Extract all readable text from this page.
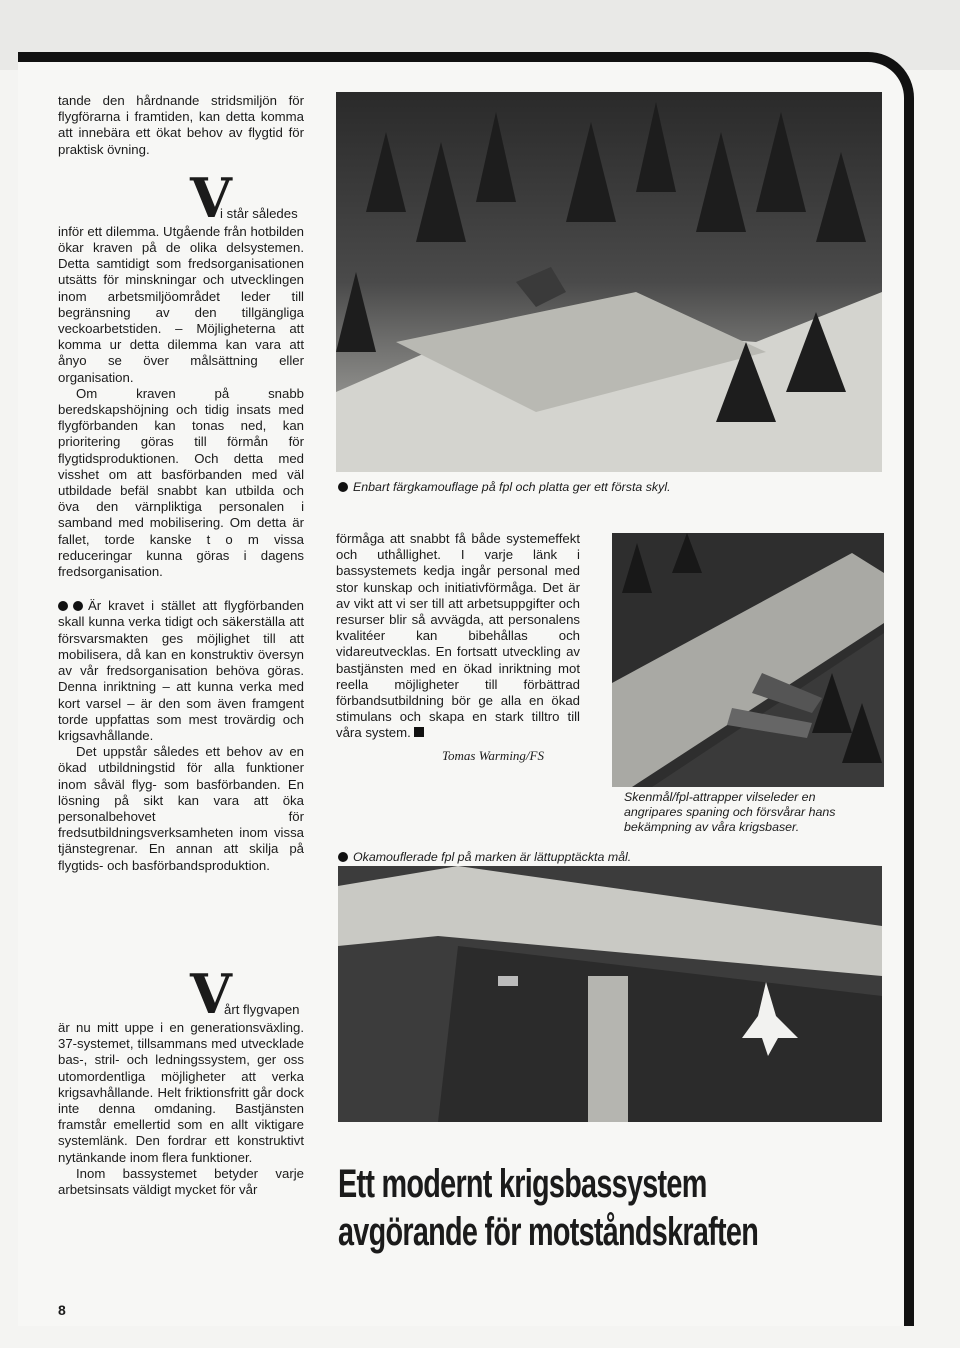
tande den hårdnande stridsmiljön för flygförarna i framtiden, kan detta komma att innebära ett ökat behov av flygtid för praktisk övning.

V
i står således

inför ett dilemma. Utgående från hotbilden ökar kraven på de olika delsystemen. Detta samtidigt som fredsorganisationen utsätts för minskningar och utvecklingen inom arbetsmiljöområdet leder till begränsning av den tillgängliga veckoarbetstiden. – Möjligheterna att komma ur detta dilemma kan vara att ånyo se över målsättning eller organisation.

Om kraven på snabb beredskapshöjning och tidig insats med flygförbanden kan tonas ned, kan prioritering göras till förmån för flygtidsproduktionen. Och detta med visshet om att basförbanden med väl utbildade befäl snabbt kan utbilda och öva den värnpliktiga personalen i samband med mobilisering. Om detta är fallet, torde kanske t o m vissa reduceringar kunna göras i dagens fredsorganisation.

Är kravet i stället att flygförbanden skall kunna verka tidigt och säkerställa att försvarsmakten ges möjlighet till att mobilisera, då kan en konstruktiv översyn av vår fredsorganisation behöva göras. Denna inriktning – att kunna verka med kort varsel – är den som även framgent torde uppfattas som mest trovärdig och krigsavhållande.

Det uppstår således ett behov av en ökad utbildningstid för alla funktioner inom såväl flyg- som basförbanden. En lösning på sikt kan vara att öka personalbehovet för fredsutbildningsverksamheten inom vissa tjänstegrenar. En annan att skilja på flygtids- och basförbandsproduktion.

V
årt flygvapen

är nu mitt uppe i en generationsväxling. 37-systemet, tillsammans med utvecklade bas-, stril- och ledningssystem, ger oss utomordentliga möjligheter att verka krigsavhållande. Helt friktionsfritt går dock inte denna omdaning. Bastjänsten framstår emellertid som en allt viktigare systemlänk. Den fordrar ett konstruktivt nytänkande inom flera funktioner.

Inom bassystemet betyder varje arbetsinsats väldigt mycket för vår

Enbart färgkamouflage på fpl och platta ger ett första skyl.

förmåga att snabbt få både systemeffekt och uthållighet. I varje länk i bassystemets kedja ingår personal med stor kunskap och initiativförmåga. Det är av vikt att vi ser till att arbetsuppgifter och resurser blir så avvägda, att personalens kvalitéer kan bibehållas och vidareutvecklas. En fortsatt utveckling av bastjänsten med en ökad inriktning mot reella möjligheter till förbättrad förbandsutbildning bör ge alla en ökad stimulans och skapa en stark tilltro till våra system.

Tomas Warming/FS

Skenmål/fpl-attrapper vilseleder en angripares spaning och försvårar hans bekämpning av våra krigsbaser.
Okamouflerade fpl på marken är lättupptäckta mål.
Ett modernt krigsbassystem
avgörande för motståndskraften
8
